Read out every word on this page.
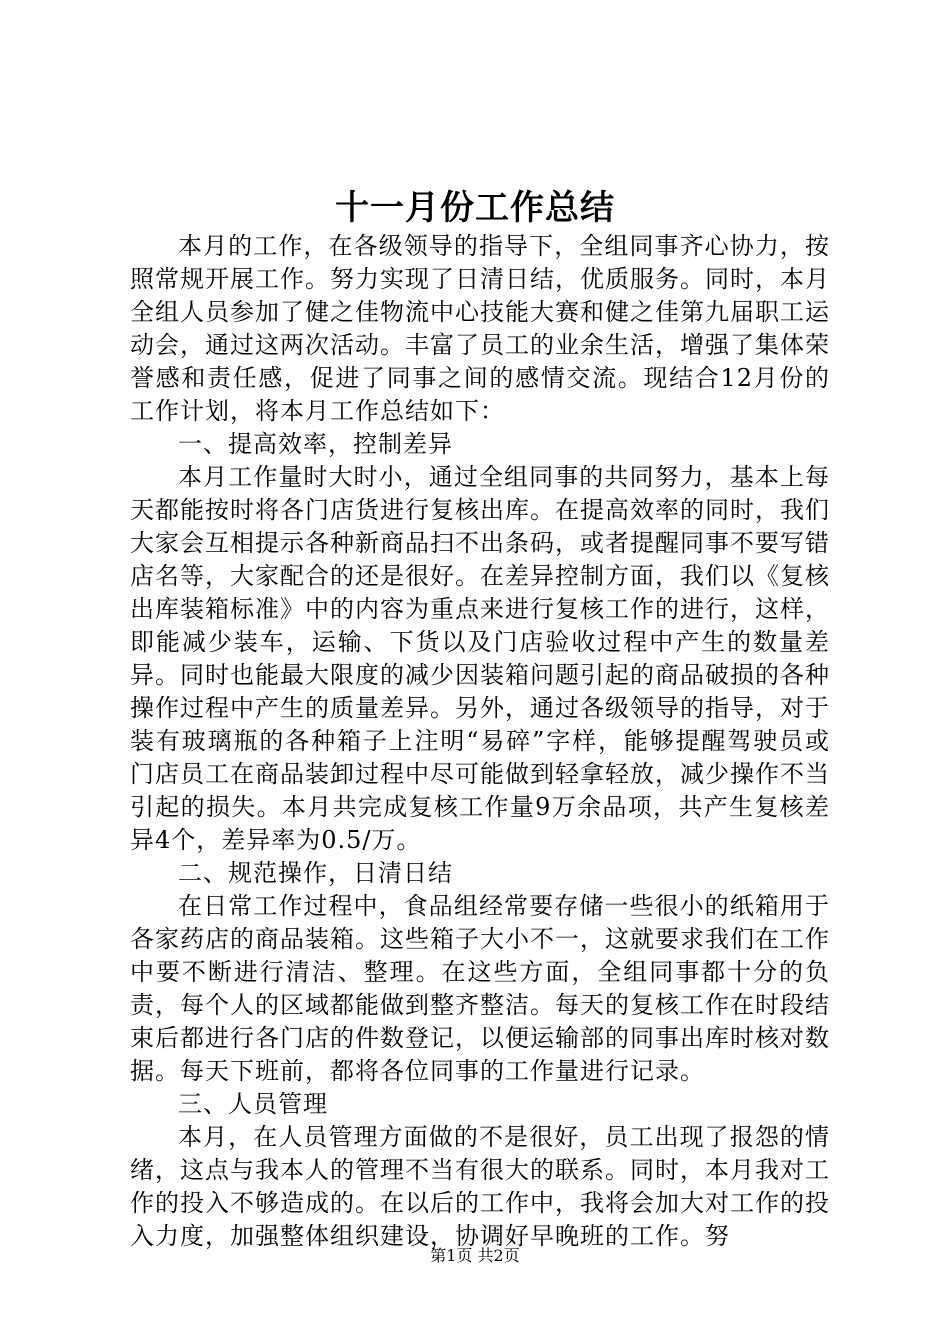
十一月份工作总结

本月的工作，在各级领导的指导下，全组同事齐心协力，按照常规开展工作。努力实现了日清日结，优质服务。同时，本月全组人员参加了健之佳物流中心技能大赛和健之佳第九届职工运动会，通过这两次活动。丰富了员工的业余生活，增强了集体荣誉感和责任感，促进了同事之间的感情交流。现结合12月份的工作计划，将本月工作总结如下：

一、提高效率，控制差异

本月工作量时大时小，通过全组同事的共同努力，基本上每天都能按时将各门店货进行复核出库。在提高效率的同时，我们大家会互相提示各种新商品扫不出条码，或者提醒同事不要写错店名等，大家配合的还是很好。在差异控制方面，我们以《复核出库装箱标准》中的内容为重点来进行复核工作的进行，这样，即能减少装车，运输、下货以及门店验收过程中产生的数量差异。同时也能最大限度的减少因装箱问题引起的商品破损的各种操作过程中产生的质量差异。另外，通过各级领导的指导，对于装有玻璃瓶的各种箱子上注明“易碎”字样，能够提醒驾驶员或门店员工在商品装卸过程中尽可能做到轻拿轻放，减少操作不当引起的损失。本月共完成复核工作量9万余品项，共产生复核差异4个，差异率为0.5/万。

二、规范操作，日清日结

在日常工作过程中，食品组经常要存储一些很小的纸箱用于各家药店的商品装箱。这些箱子大小不一，这就要求我们在工作中要不断进行清洁、整理。在这些方面，全组同事都十分的负责，每个人的区域都能做到整齐整洁。每天的复核工作在时段结束后都进行各门店的件数登记，以便运输部的同事出库时核对数据。每天下班前，都将各位同事的工作量进行记录。

三、人员管理

本月，在人员管理方面做的不是很好，员工出现了报怨的情绪，这点与我本人的管理不当有很大的联系。同时，本月我对工作的投入不够造成的。在以后的工作中，我将会加大对工作的投入力度，加强整体组织建设，协调好早晚班的工作。努

第1页 共2页
